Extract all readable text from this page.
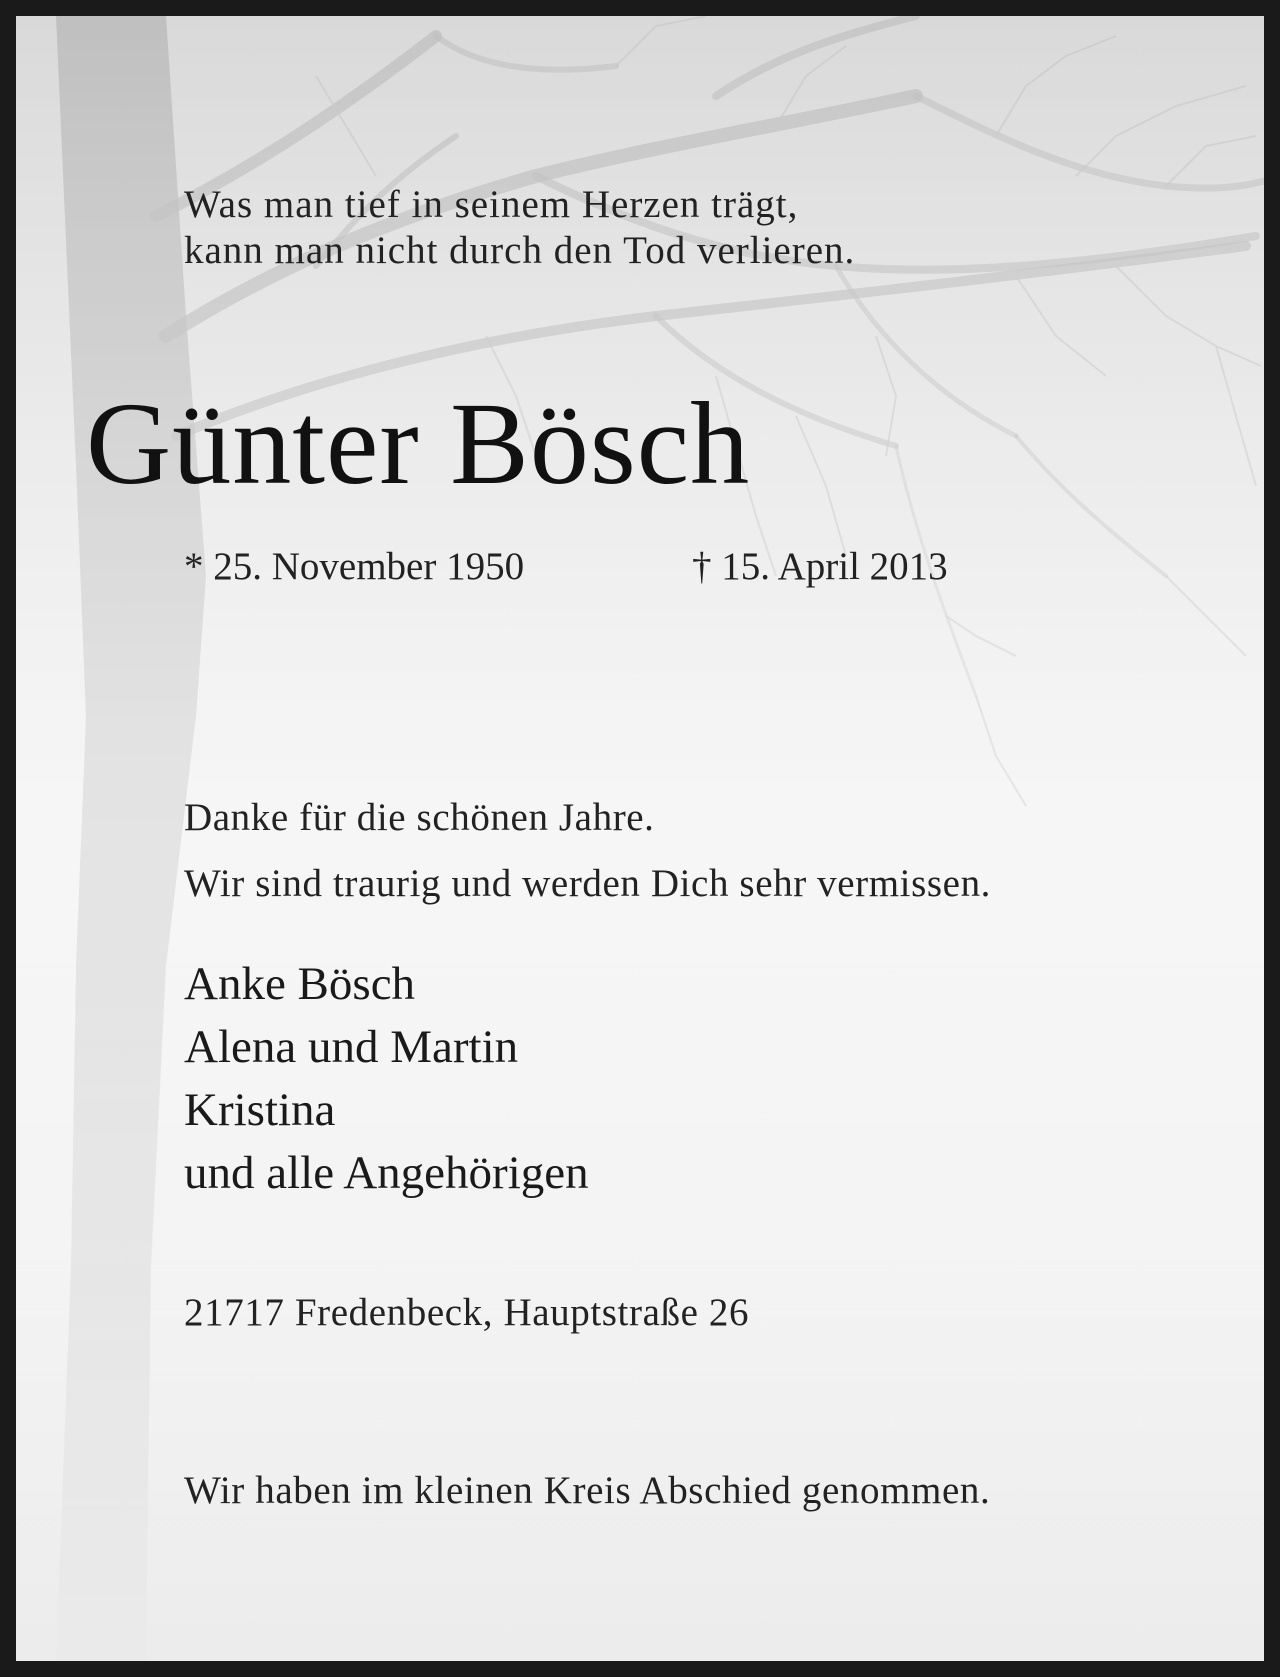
Was man tief in seinem Herzen trägt,
kann man nicht durch den Tod verlieren.
Günter Bösch
* 25. November 1950	† 15. April 2013
Danke für die schönen Jahre.
Wir sind traurig und werden Dich sehr vermissen.
Anke Bösch
Alena und Martin
Kristina
und alle Angehörigen
21717 Fredenbeck, Hauptstraße 26
Wir haben im kleinen Kreis Abschied genommen.
